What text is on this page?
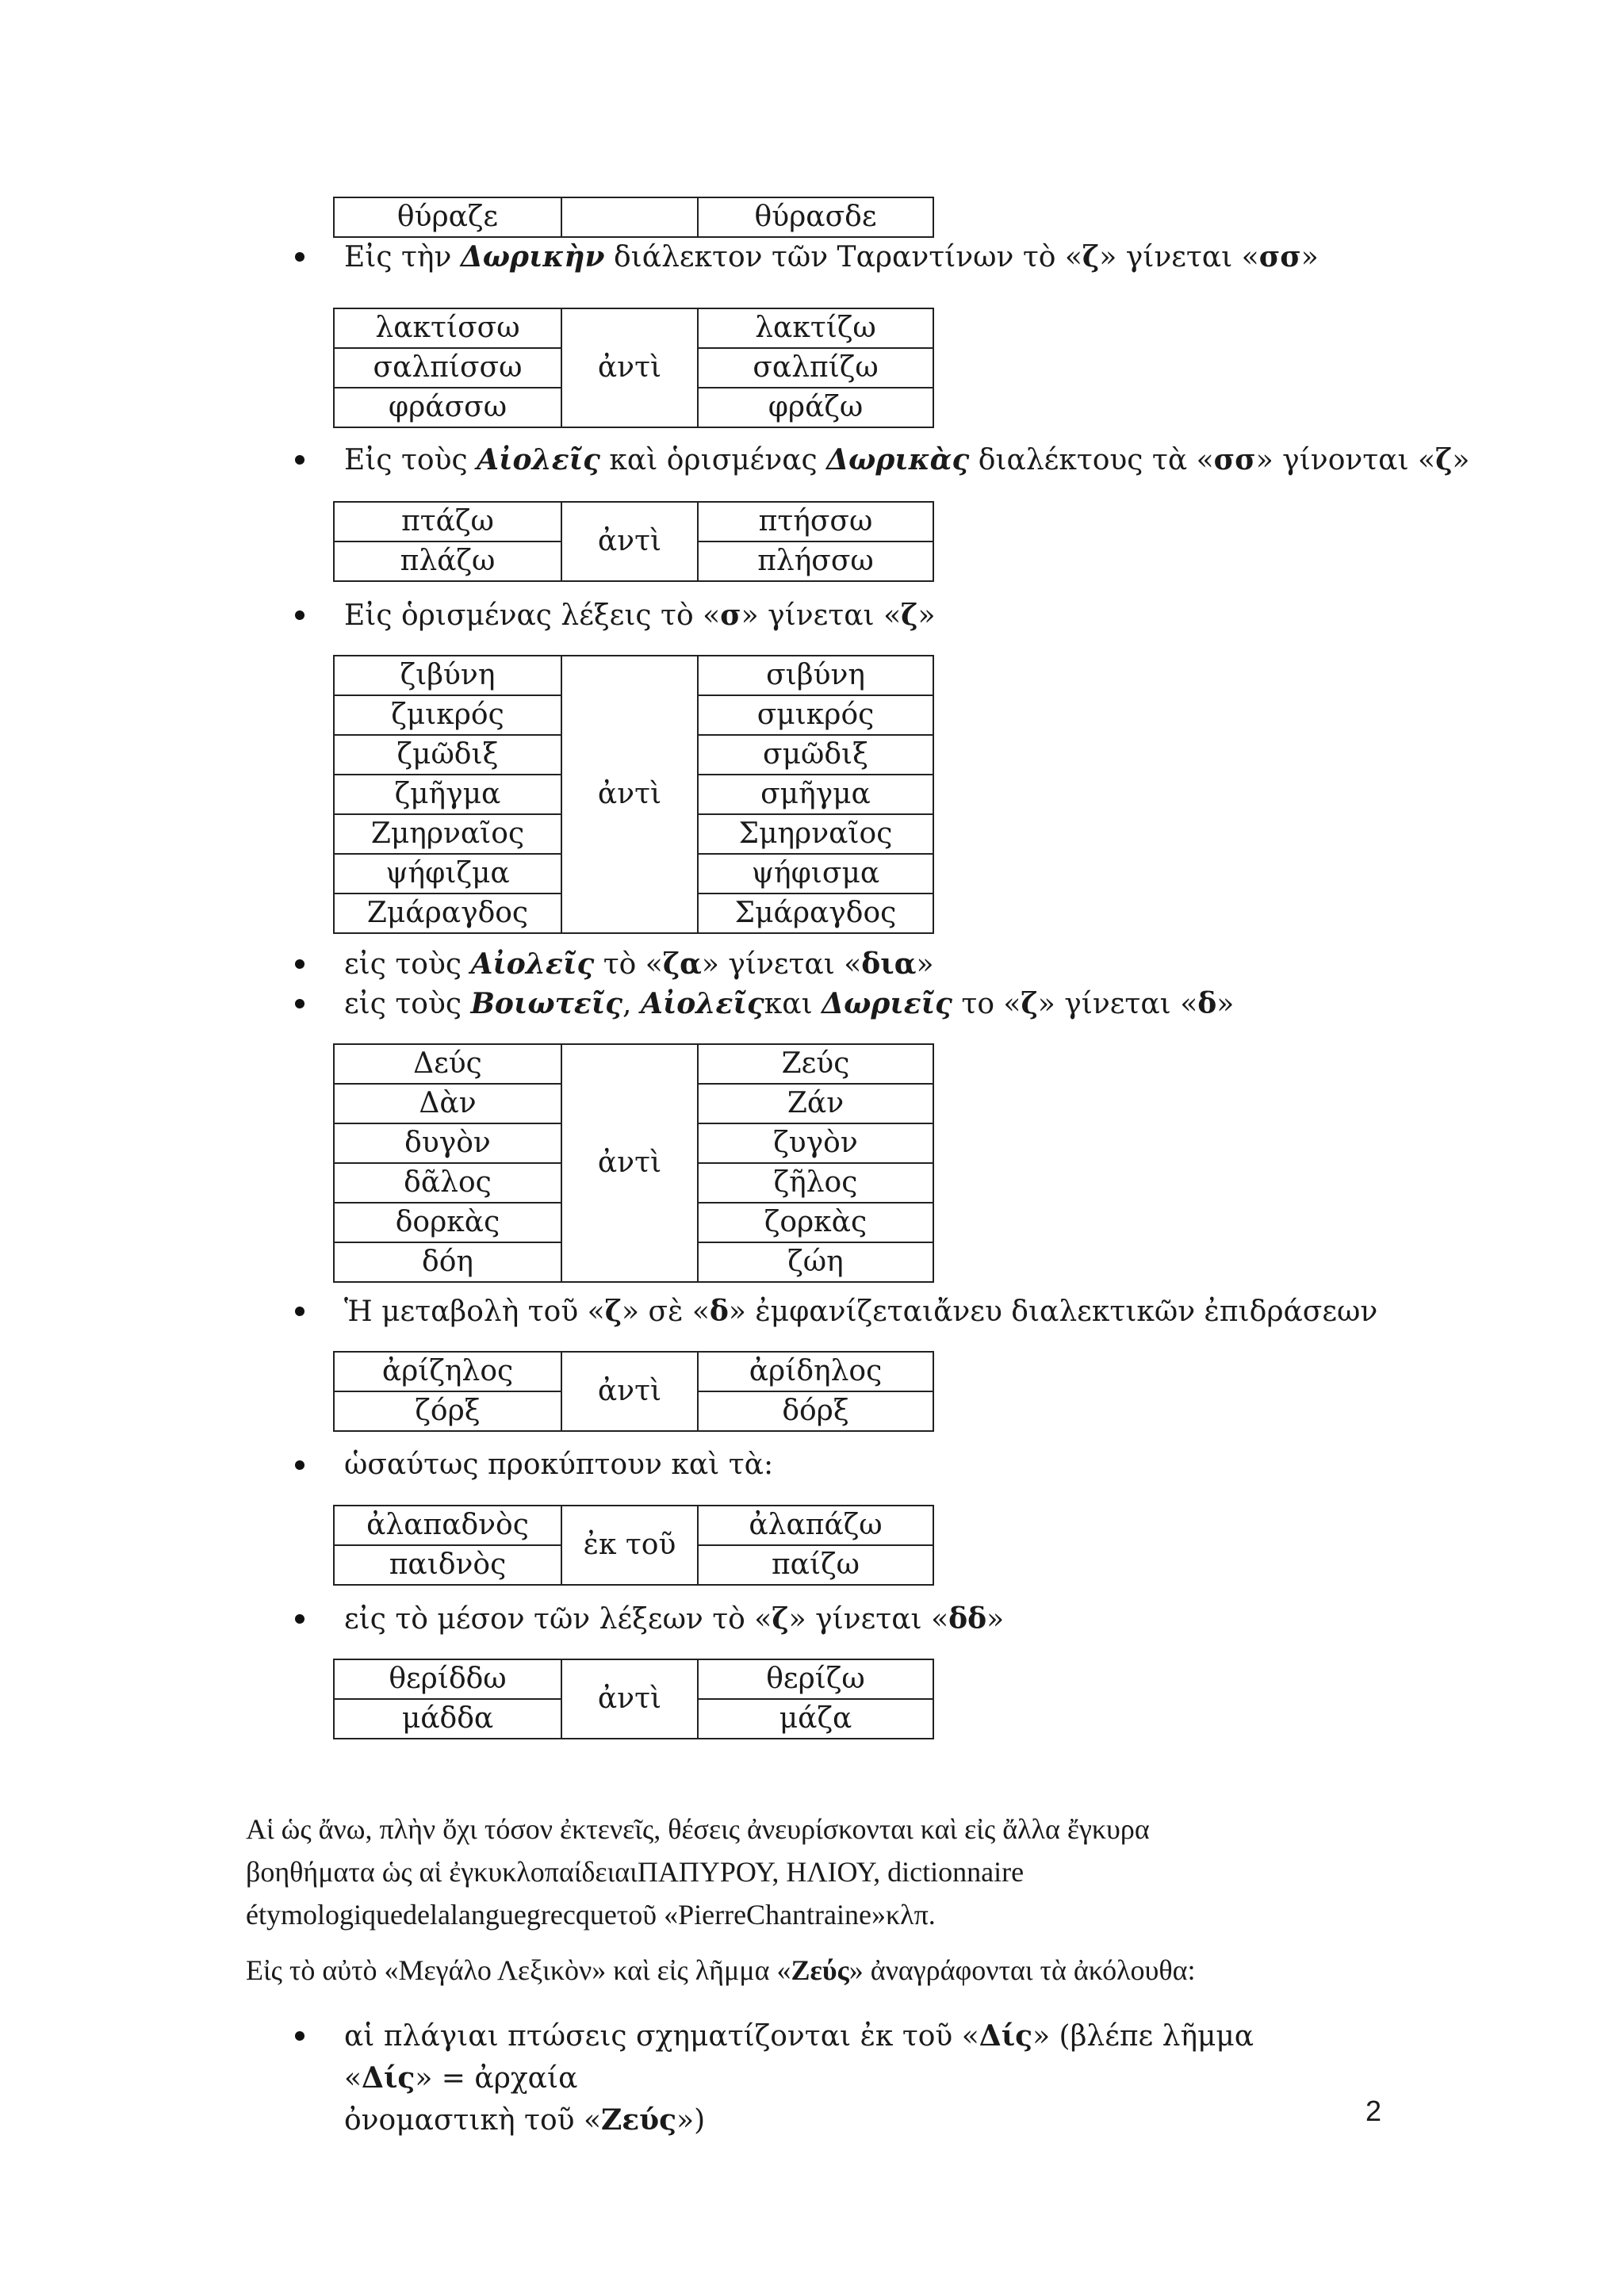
θύραζε		θύρασδε
Εἰς τὴν Δωρικὴν διάλεκτον τῶν Ταραντίνων τὸ «ζ» γίνεται «σσ»
λακτίσσω	ἀντὶ	λακτίζω
σαλπίσσω		σαλπίζω
φράσσω		φράζω
Εἰς τοὺς Αἰολεῖς καὶ ὁρισμένας Δωρικὰς διαλέκτους τὰ «σσ» γίνονται «ζ»
πτάζω	ἀντὶ	πτήσσω
πλάζω		πλήσσω
Εἰς ὁρισμένας λέξεις τὸ «σ» γίνεται «ζ»
ζιβύνη	ἀντὶ	σιβύνη
ζμικρός		σμικρός
ζμῶδιξ		σμῶδιξ
ζμῆγμα		σμῆγμα
Ζμηρναῖος		Σμηρναῖος
ψήφιζμα		ψήφισμα
Ζμάραγδος		Σμάραγδος
εἰς τοὺς Αἰολεῖς τὸ «ζα» γίνεται «δια»
εἰς τοὺς Βοιωτεῖς, Αἰολεῖςκαι Δωριεῖς το «ζ» γίνεται «δ»
Δεύς	ἀντὶ	Ζεύς
Δὰν		Ζάν
δυγὸν		ζυγὸν
δᾶλος		ζῆλος
δορκὰς		ζορκὰς
δόη		ζώη
Ἡ μεταβολὴ τοῦ «ζ» σὲ «δ» ἐμφανίζεταιἄνευ διαλεκτικῶν ἐπιδράσεων
ἀρίζηλος	ἀντὶ	ἀρίδηλος
ζόρξ		δόρξ
ὡσαύτως προκύπτουν καὶ τὰ:
ἀλαπαδνὸς	ἐκ τοῦ	ἀλαπάζω
παιδνὸς		παίζω
εἰς τὸ μέσον τῶν λέξεων τὸ «ζ» γίνεται «δδ»
θερίδδω	ἀντὶ	θερίζω
μάδδα		μάζα
Αἱ ὡς ἄνω, πλὴν ὄχι τόσον ἐκτενεῖς, θέσεις ἀνευρίσκονται καὶ εἰς ἄλλα ἔγκυρα
βοηθήματα ὡς αἱ ἐγκυκλοπαίδειαιΠΑΠΥΡΟΥ, ΗΛΙΟΥ, dictionnaire
étymologiquedelalanguegrecqueτοῦ «PierreChantraine»κλπ.
Εἰς τὸ αὐτὸ «Μεγάλο Λεξικὸν» καὶ εἰς λῆμμα «Ζεύς» ἀναγράφονται τὰ ἀκόλουθα:
αἱ πλάγιαι πτώσεις σχηματίζονται ἐκ τοῦ «Δίς» (βλέπε λῆμμα «Δίς» = ἀρχαία
ὀνομαστικὴ τοῦ «Ζεύς»)	2
